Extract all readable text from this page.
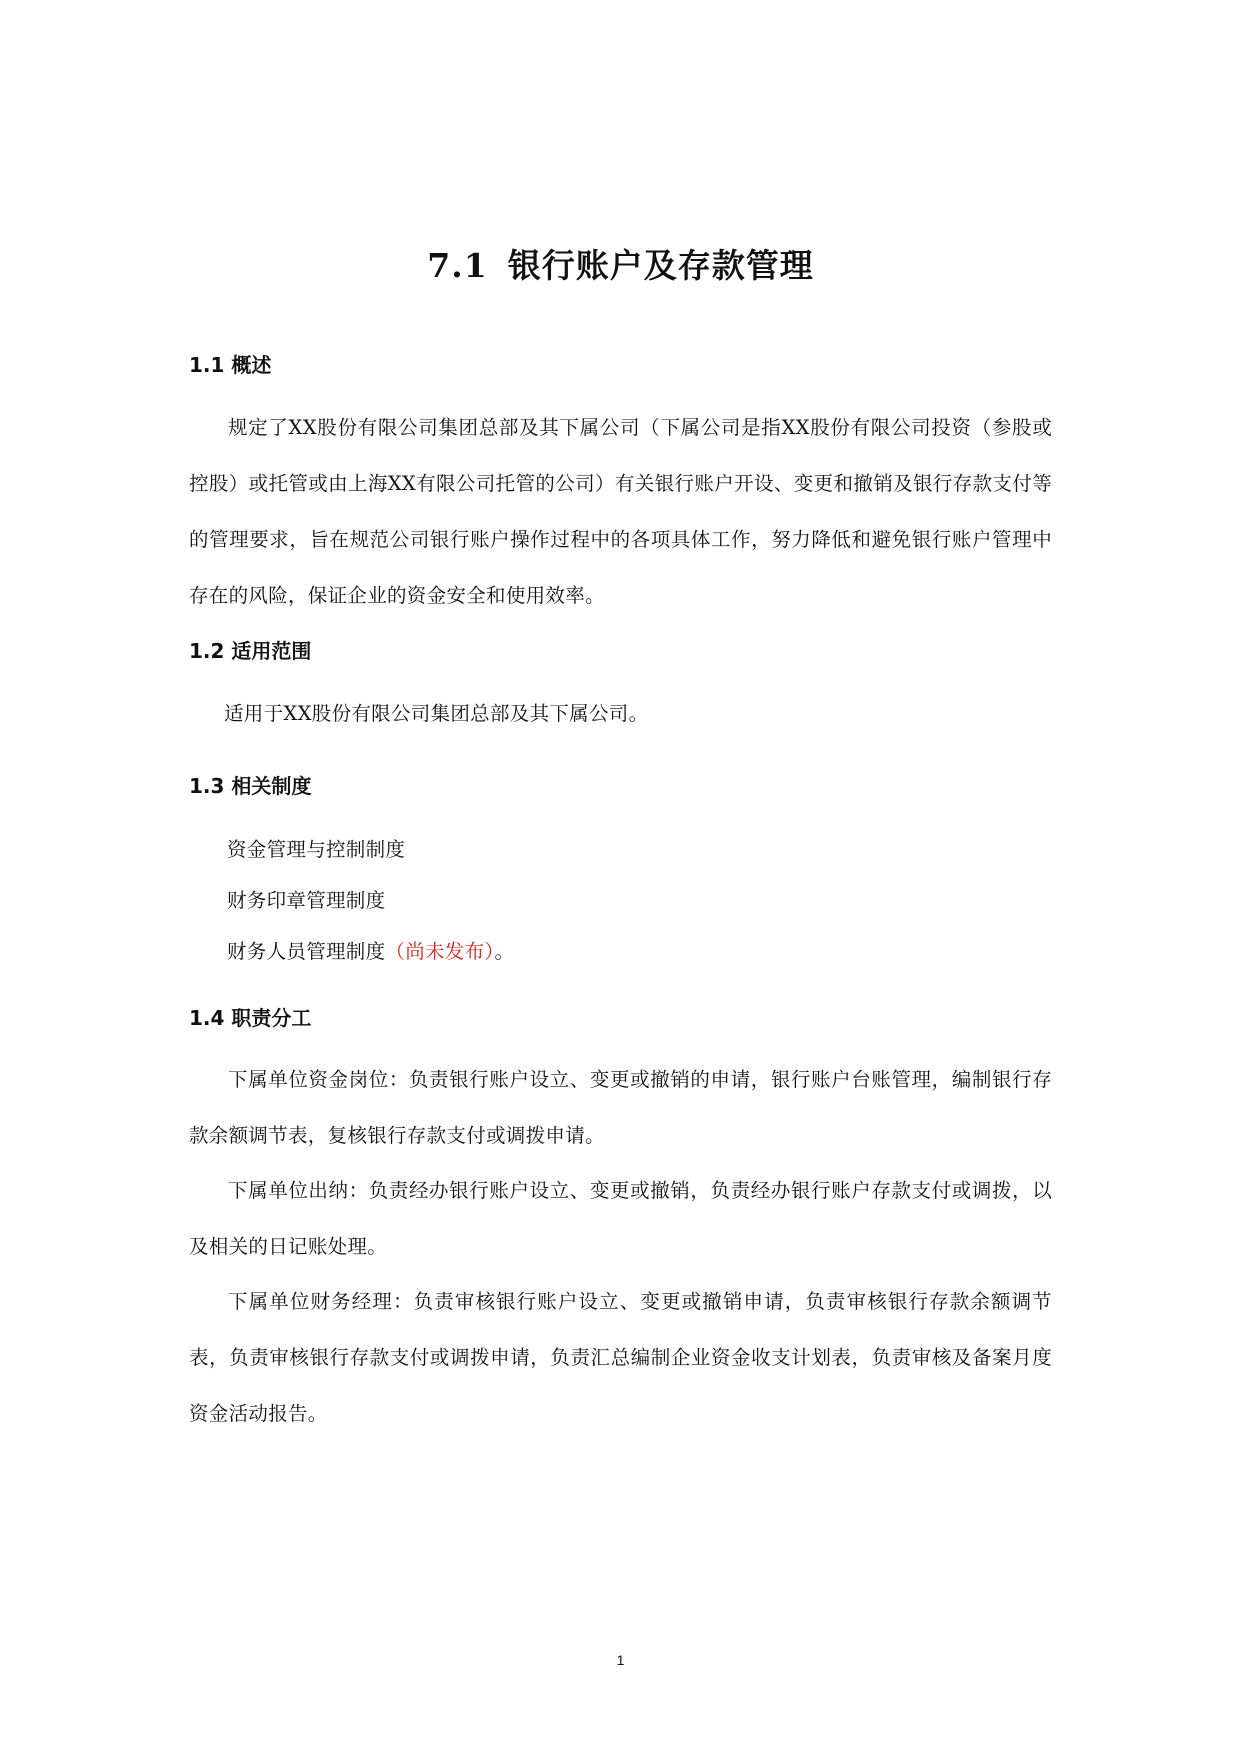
7.1 银行账户及存款管理
1.1 概述
规定了XX股份有限公司集团总部及其下属公司（下属公司是指XX股份有限公司投资（参股或控股）或托管或由上海XX有限公司托管的公司）有关银行账户开设、变更和撤销及银行存款支付等的管理要求，旨在规范公司银行账户操作过程中的各项具体工作，努力降低和避免银行账户管理中存在的风险，保证企业的资金安全和使用效率。
1.2 适用范围
适用于XX股份有限公司集团总部及其下属公司。
1.3 相关制度
资金管理与控制制度
财务印章管理制度
财务人员管理制度（尚未发布）。
1.4 职责分工
下属单位资金岗位：负责银行账户设立、变更或撤销的申请，银行账户台账管理，编制银行存款余额调节表，复核银行存款支付或调拨申请。
下属单位出纳：负责经办银行账户设立、变更或撤销，负责经办银行账户存款支付或调拨，以及相关的日记账处理。
下属单位财务经理：负责审核银行账户设立、变更或撤销申请，负责审核银行存款余额调节表，负责审核银行存款支付或调拨申请，负责汇总编制企业资金收支计划表，负责审核及备案月度资金活动报告。
1
